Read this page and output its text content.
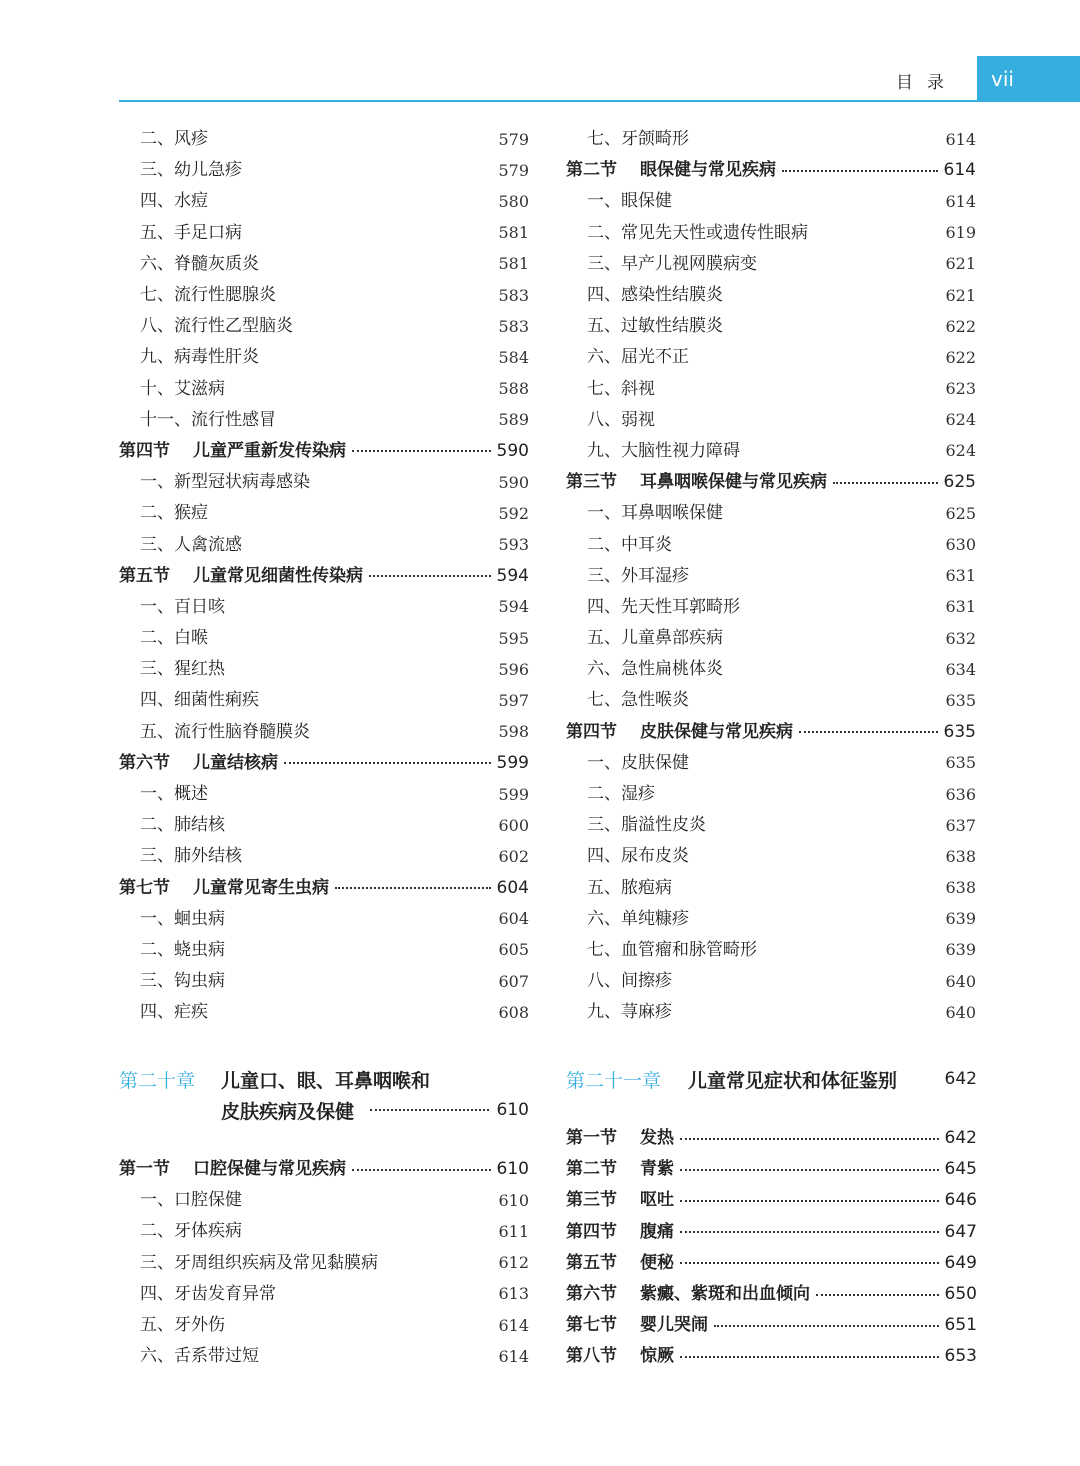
目录	vii
二、风疹	579
三、幼儿急疹	579
四、水痘	580
五、手足口病	581
六、脊髓灰质炎	581
七、流行性腮腺炎	583
八、流行性乙型脑炎	583
九、病毒性肝炎	584
十、艾滋病	588
十一、流行性感冒	589
第四节	儿童严重新发传染病	590
一、新型冠状病毒感染	590
二、猴痘	592
三、人禽流感	593
第五节	儿童常见细菌性传染病	594
一、百日咳	594
二、白喉	595
三、猩红热	596
四、细菌性痢疾	597
五、流行性脑脊髓膜炎	598
第六节	儿童结核病	599
一、概述	599
二、肺结核	600
三、肺外结核	602
第七节	儿童常见寄生虫病	604
一、蛔虫病	604
二、蛲虫病	605
三、钩虫病	607
四、疟疾	608
七、牙颌畸形	614
第二节	眼保健与常见疾病	614
一、眼保健	614
二、常见先天性或遗传性眼病	619
三、早产儿视网膜病变	621
四、感染性结膜炎	621
五、过敏性结膜炎	622
六、屈光不正	622
七、斜视	623
八、弱视	624
九、大脑性视力障碍	624
第三节	耳鼻咽喉保健与常见疾病	625
一、耳鼻咽喉保健	625
二、中耳炎	630
三、外耳湿疹	631
四、先天性耳郭畸形	631
五、儿童鼻部疾病	632
六、急性扁桃体炎	634
七、急性喉炎	635
第四节	皮肤保健与常见疾病	635
一、皮肤保健	635
二、湿疹	636
三、脂溢性皮炎	637
四、尿布皮炎	638
五、脓疱病	638
六、单纯糠疹	639
七、血管瘤和脉管畸形	639
八、间擦疹	640
九、荨麻疹	640
第二十章	儿童口、眼、耳鼻咽喉和
皮肤疾病及保健	610
第二十一章	儿童常见症状和体征鉴别	642
第一节	口腔保健与常见疾病	610
一、口腔保健	610
二、牙体疾病	611
三、牙周组织疾病及常见黏膜病	612
四、牙齿发育异常	613
五、牙外伤	614
六、舌系带过短	614
第一节	发热	642
第二节	青紫	645
第三节	呕吐	646
第四节	腹痛	647
第五节	便秘	649
第六节	紫癜、紫斑和出血倾向	650
第七节	婴儿哭闹	651
第八节	惊厥	653
